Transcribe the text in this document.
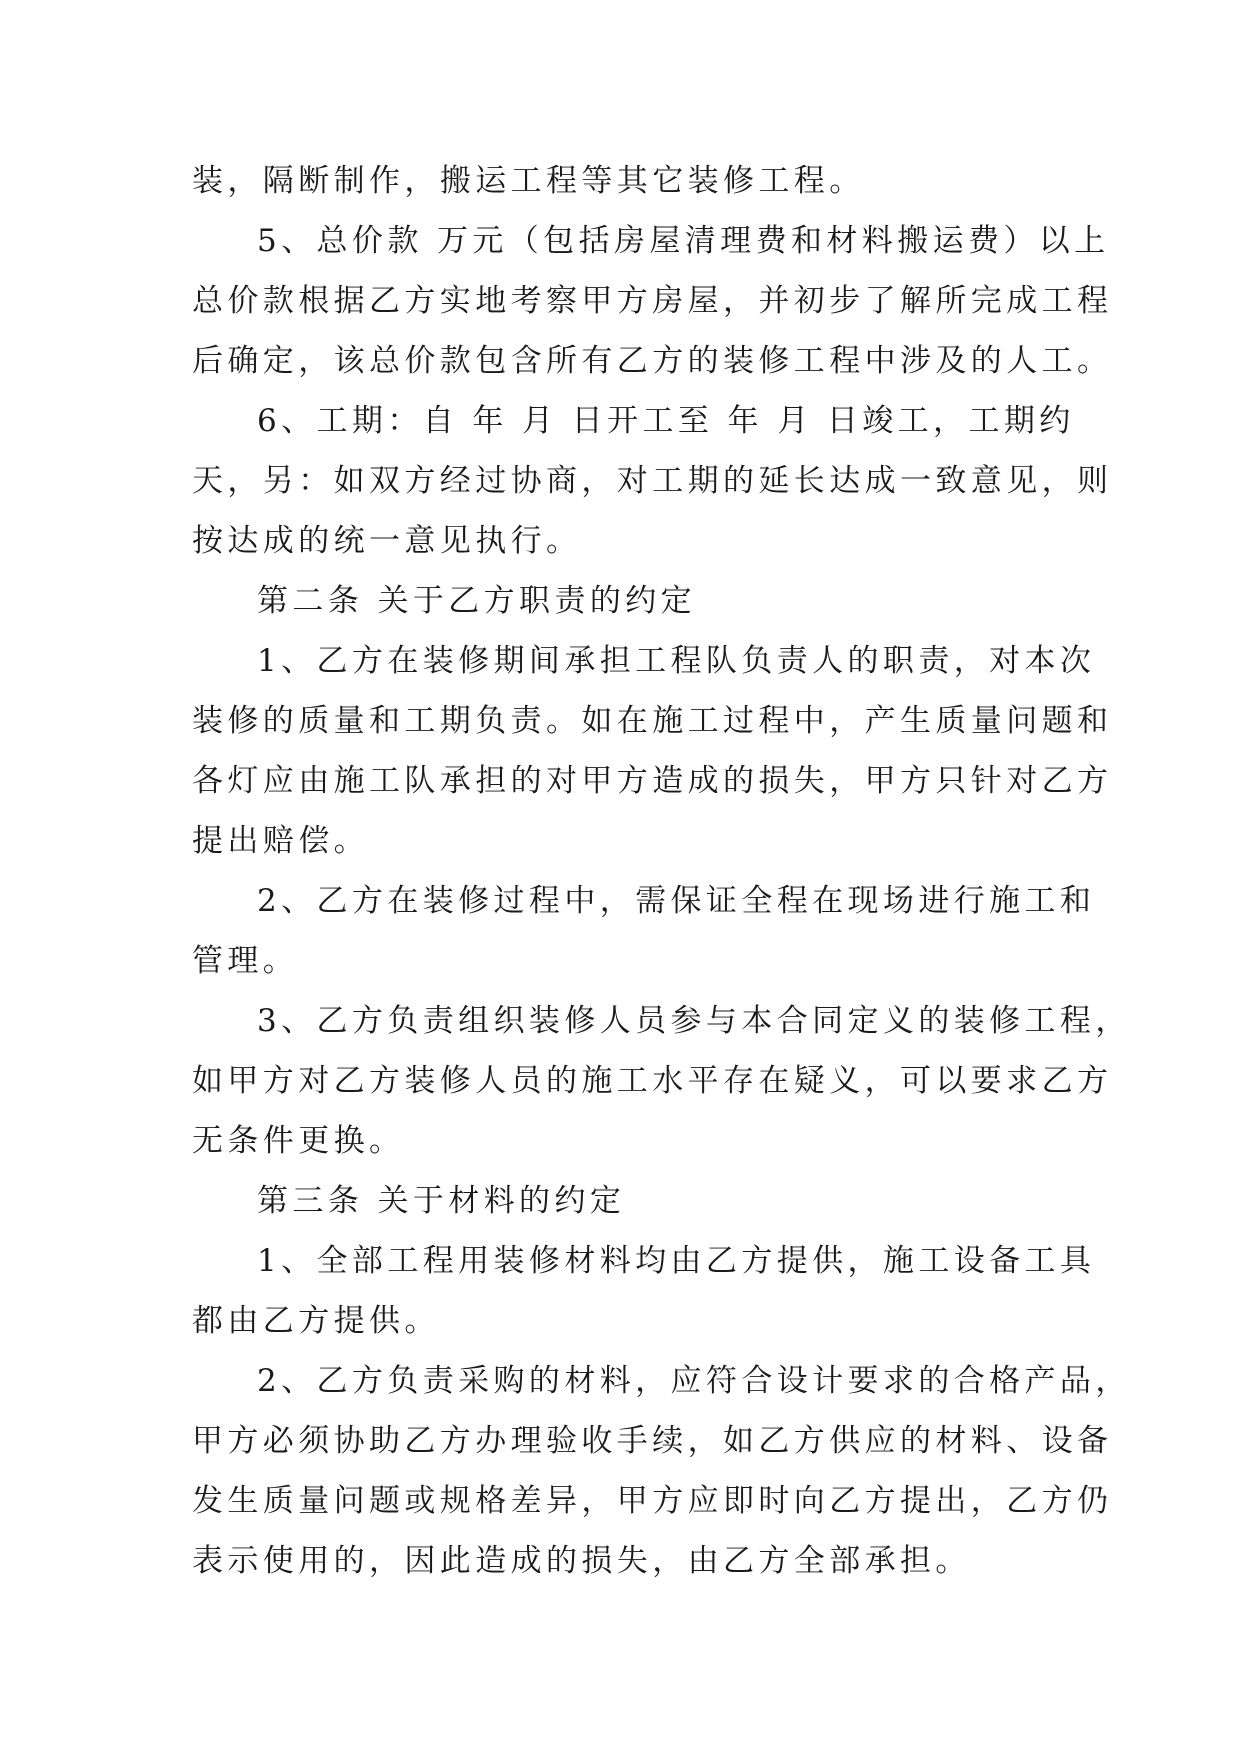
装，隔断制作，搬运工程等其它装修工程。
5、总价款 万元（包括房屋清理费和材料搬运费）以上
总价款根据乙方实地考察甲方房屋，并初步了解所完成工程
后确定，该总价款包含所有乙方的装修工程中涉及的人工。
6、工期：自 年 月 日开工至 年 月 日竣工，工期约
天，另：如双方经过协商，对工期的延长达成一致意见，则
按达成的统一意见执行。
第二条 关于乙方职责的约定
1、乙方在装修期间承担工程队负责人的职责，对本次
装修的质量和工期负责。如在施工过程中，产生质量问题和
各灯应由施工队承担的对甲方造成的损失，甲方只针对乙方
提出赔偿。
2、乙方在装修过程中，需保证全程在现场进行施工和
管理。
3、乙方负责组织装修人员参与本合同定义的装修工程，
如甲方对乙方装修人员的施工水平存在疑义，可以要求乙方
无条件更换。
第三条 关于材料的约定
1、全部工程用装修材料均由乙方提供，施工设备工具
都由乙方提供。
2、乙方负责采购的材料，应符合设计要求的合格产品，
甲方必须协助乙方办理验收手续，如乙方供应的材料、设备
发生质量问题或规格差异，甲方应即时向乙方提出，乙方仍
表示使用的，因此造成的损失，由乙方全部承担。
